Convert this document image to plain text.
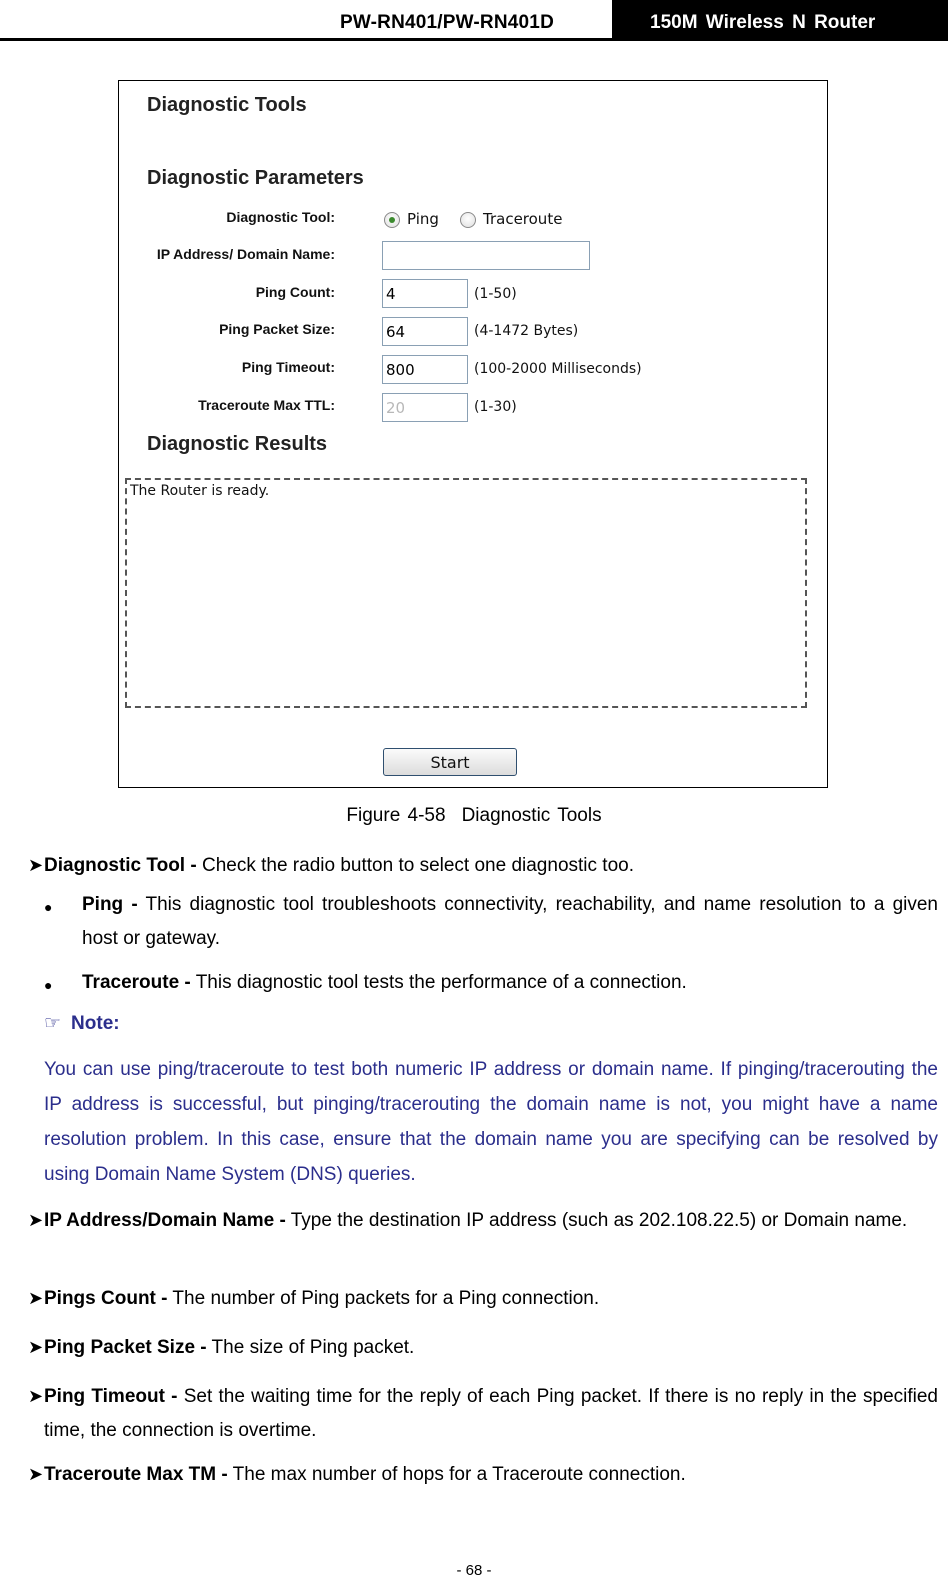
PW-RN401/PW-RN401D	150M Wireless N Router
Diagnostic Tools
Diagnostic Parameters
Diagnostic Tool:	Ping	Traceroute
IP Address/ Domain Name:
Ping Count:	4	(1-50)
Ping Packet Size:	64	(4-1472 Bytes)
Ping Timeout:	800	(100-2000 Milliseconds)
Traceroute Max TTL:	20	(1-30)
Diagnostic Results
The Router is ready.
Start
Figure 4-58 Diagnostic Tools
➤ Diagnostic Tool - Check the radio button to select one diagnostic too.
● Ping - This diagnostic tool troubleshoots connectivity, reachability, and name resolution to a given host or gateway.
● Traceroute - This diagnostic tool tests the performance of a connection.
☞ Note:
You can use ping/traceroute to test both numeric IP address or domain name. If pinging/tracerouting the IP address is successful, but pinging/tracerouting the domain name is not, you might have a name resolution problem. In this case, ensure that the domain name you are specifying can be resolved by using Domain Name System (DNS) queries.
➤ IP Address/Domain Name - Type the destination IP address (such as 202.108.22.5) or Domain name.
➤ Pings Count - The number of Ping packets for a Ping connection.
➤ Ping Packet Size - The size of Ping packet.
➤ Ping Timeout - Set the waiting time for the reply of each Ping packet. If there is no reply in the specified time, the connection is overtime.
➤ Traceroute Max TM - The max number of hops for a Traceroute connection.
- 68 -
